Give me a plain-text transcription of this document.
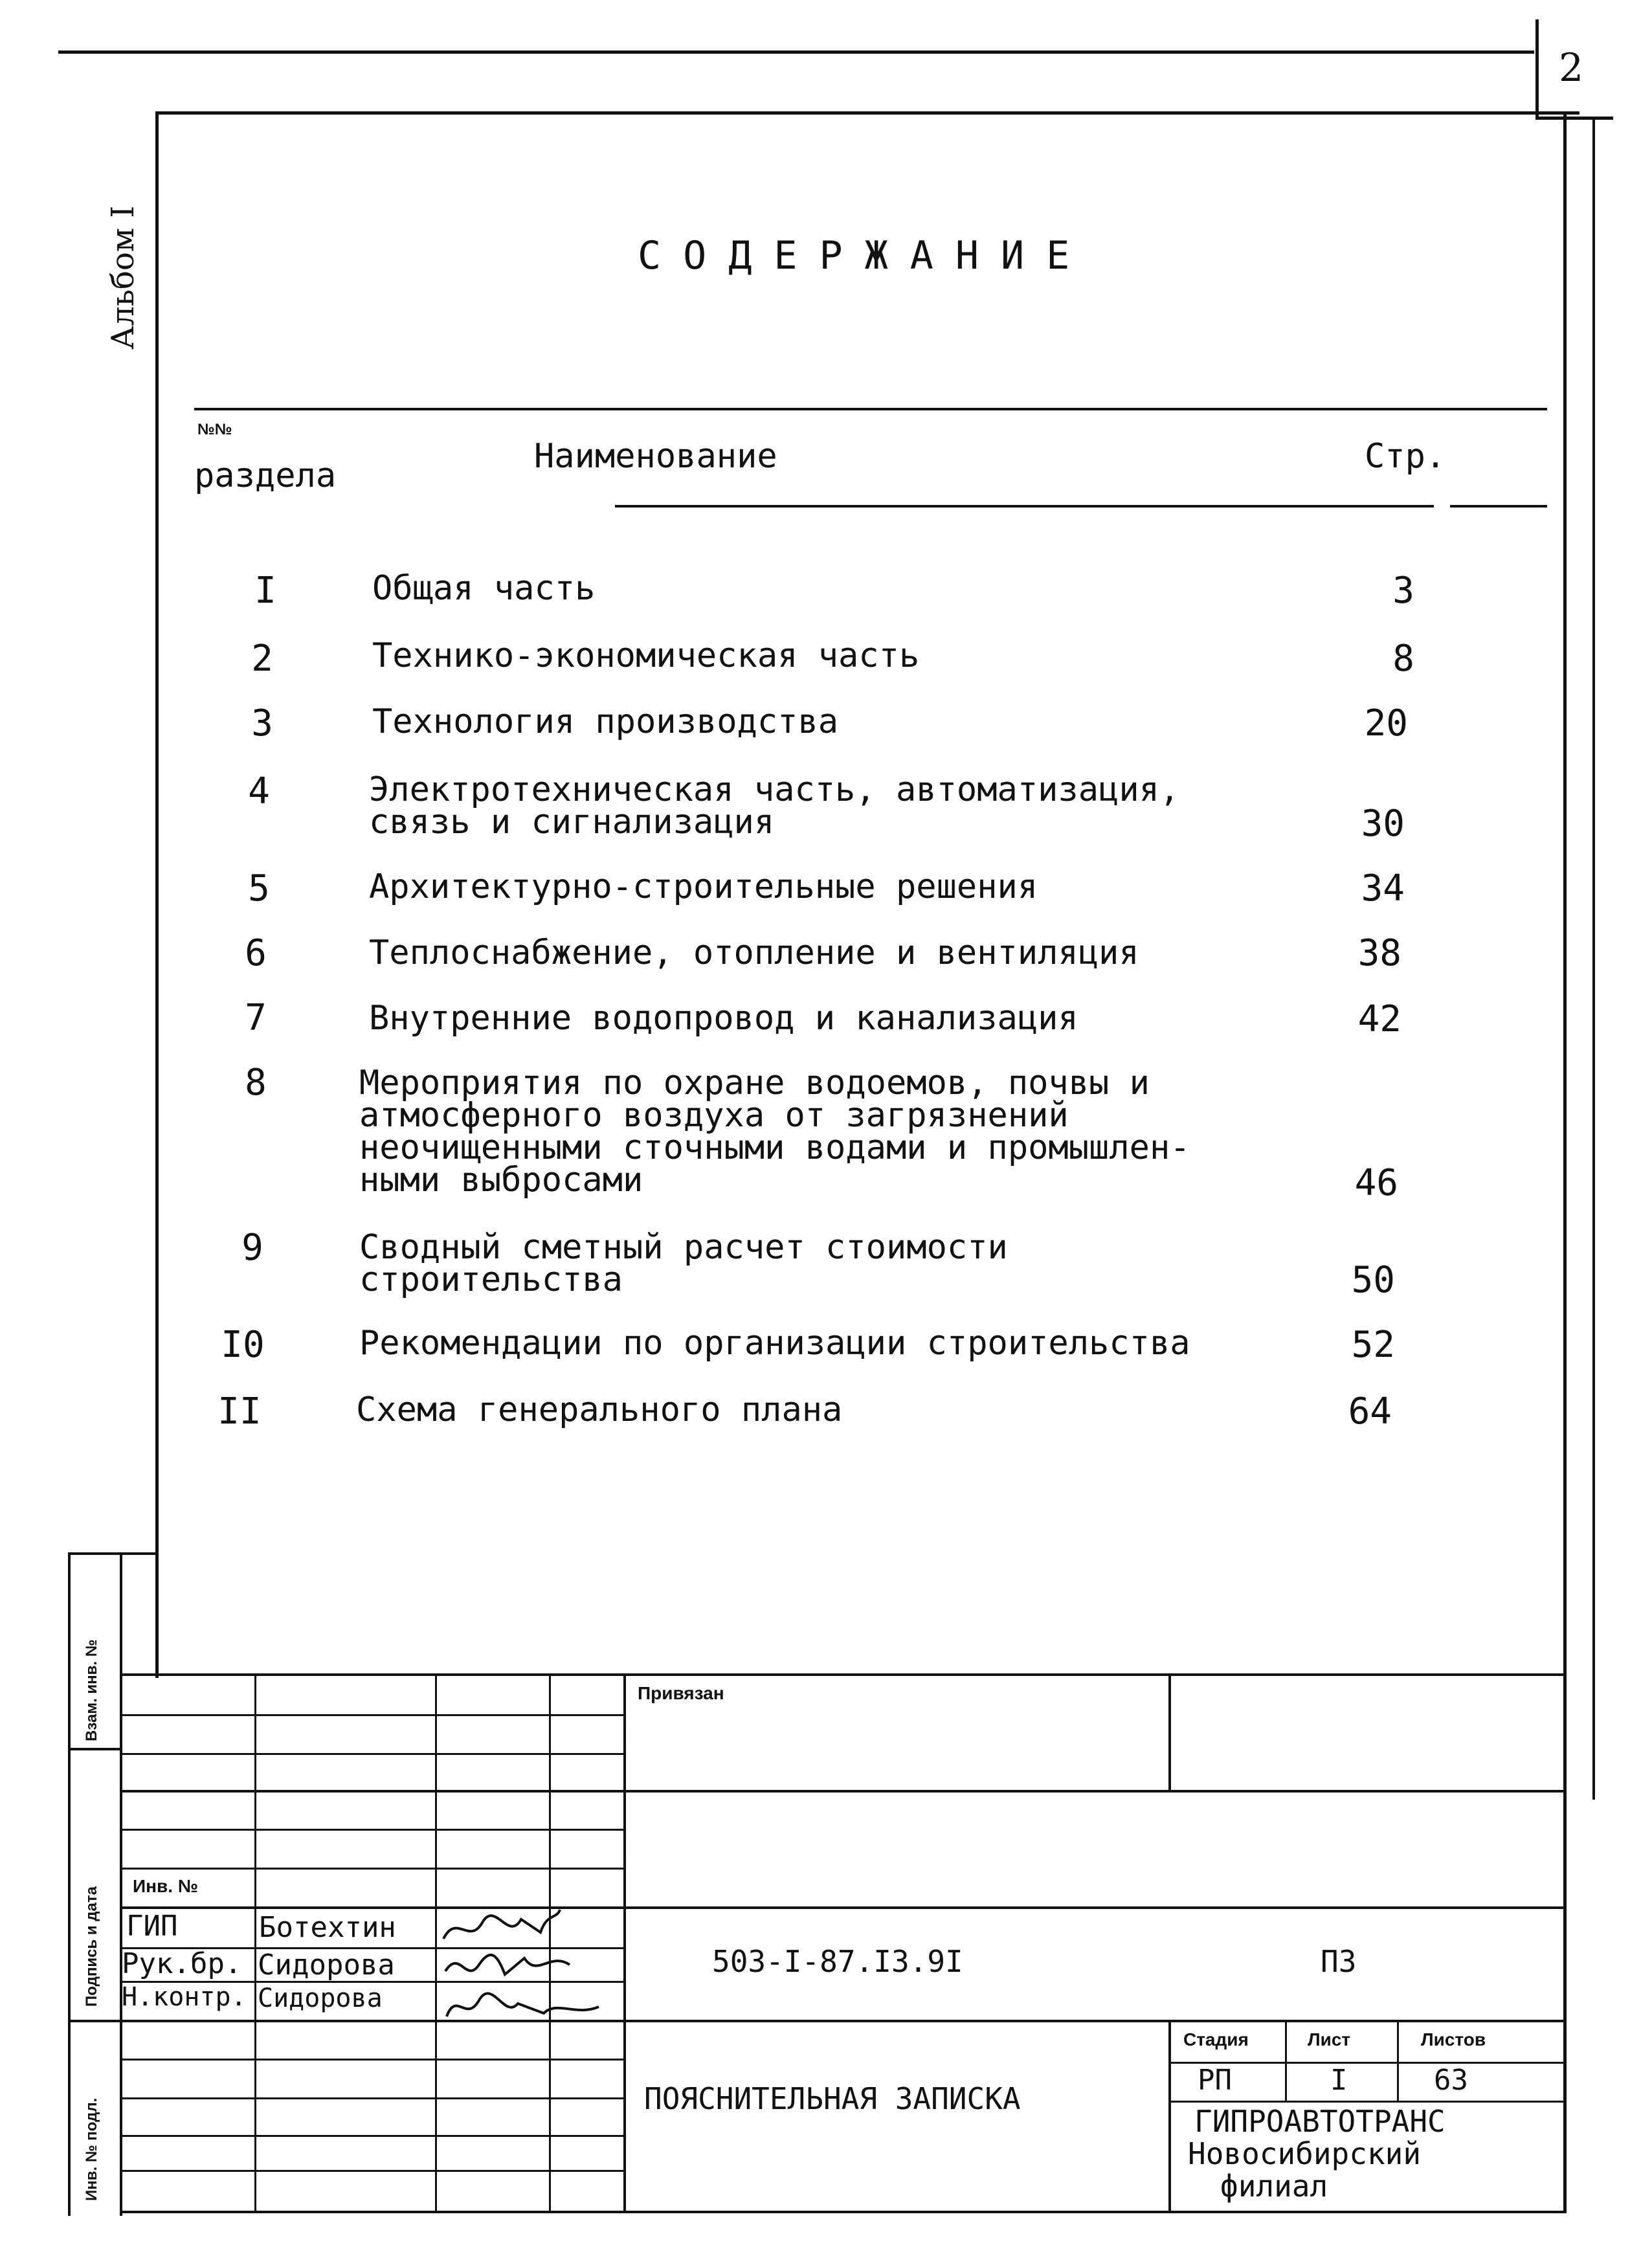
2
Альбом I	СОДЕРЖАНИЕ
№№
раздела	Наименование	Стр.
I	Общая часть	3
2	Технико-экономическая часть	8
3	Технология производства	20
4	Электротехническая часть, автоматизация,
связь и сигнализация	30
5	Архитектурно-строительные решения	34
6	Теплоснабжение, отопление и вентиляция	38
7	Внутренние водопровод и канализация	42
8	Мероприятия по охране водоемов, почвы и
атмосферного воздуха от загрязнений
неочищенными сточными водами и промышлен-
ными выбросами	46
9	Сводный сметный расчет стоимости
строительства	50
I0	Рекомендации по организации строительства	52
II	Схема генерального плана	64
Взам. инв. №
Подпись и дата
Инв. № подл.
Привязан
Инв. №
ГИП	Ботехтин
Рук.бр. Сидорова
Н.контр. Сидорова
503-I-87.I3.9I	ПЗ
ПОЯСНИТЕЛЬНАЯ ЗАПИСКА
Стадия	Лист	Листов
РП	I	63
ГИПРОАВТОТРАНС
Новосибирский
филиал
